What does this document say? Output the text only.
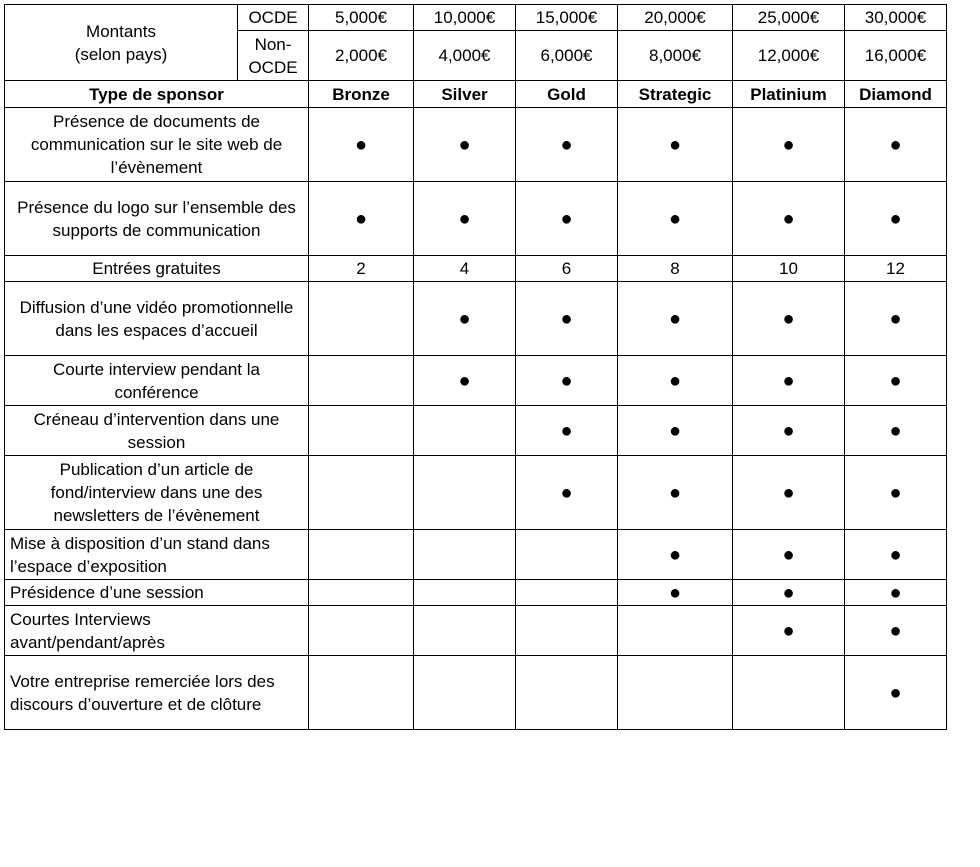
Montants
(selon pays)	OCDE	5,000€	10,000€	15,000€	20,000€	25,000€	30,000€
	Non-OCDE	2,000€	4,000€	6,000€	8,000€	12,000€	16,000€
Type de sponsor		Bronze	Silver	Gold	Strategic	Platinium	Diamond
Présence de documents de communication sur le site web de l’évènement		●	●	●	●	●	●
Présence du logo sur l’ensemble des supports de communication		●	●	●	●	●	●
Entrées gratuites		2	4	6	8	10	12
Diffusion d’une vidéo promotionnelle dans les espaces d’accueil			●	●	●	●	●
Courte interview pendant la conférence			●	●	●	●	●
Créneau d’intervention dans une session				●	●	●	●
Publication d’un article de fond/interview dans une des newsletters de l’évènement				●	●	●	●
Mise à disposition d’un stand dans l’espace d’exposition					●	●	●
Présidence d’une session					●	●	●
Courtes Interviews avant/pendant/après						●	●
Votre entreprise remerciée lors des discours d’ouverture et de clôture							●
